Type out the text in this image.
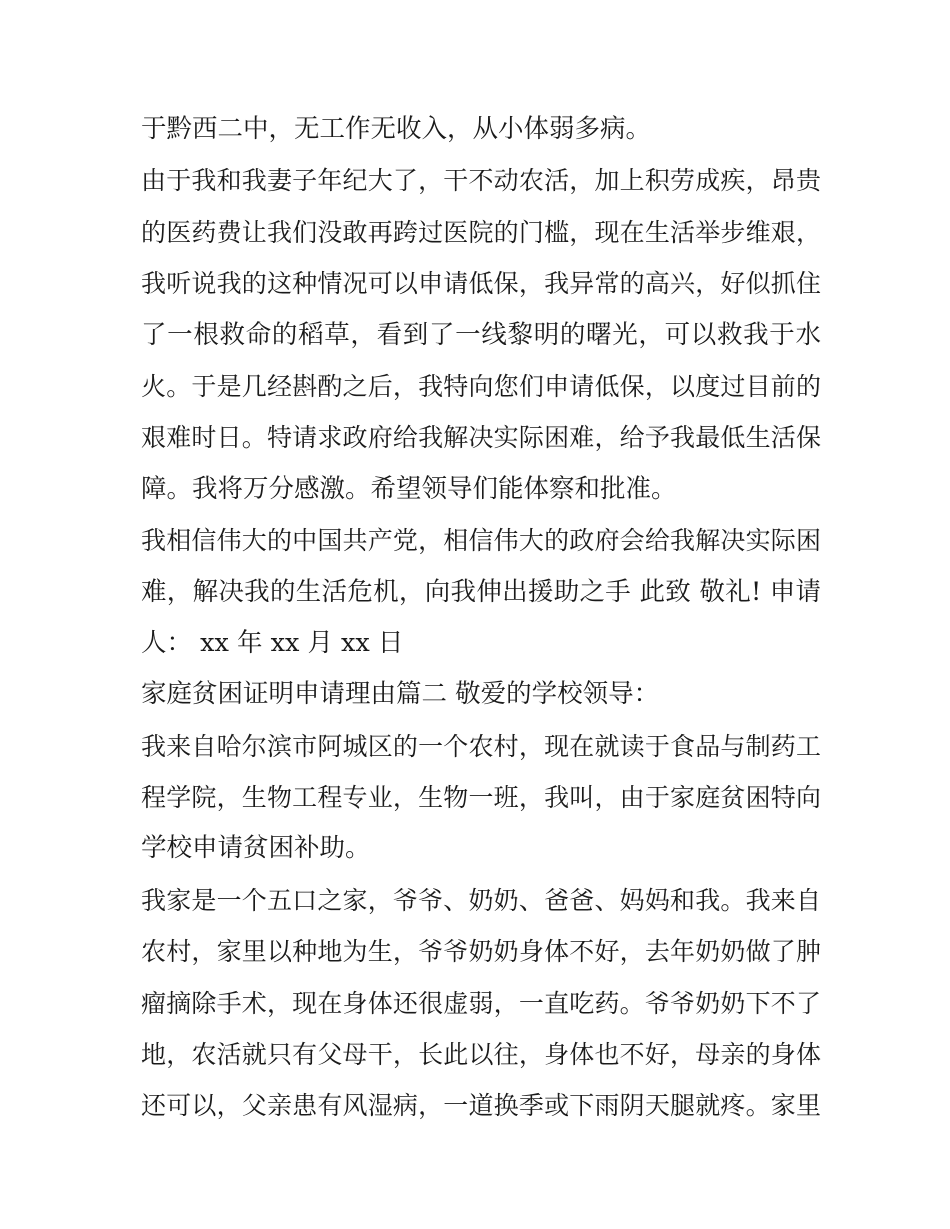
于黔西二中，无工作无收入，从小体弱多病。
由于我和我妻子年纪大了，干不动农活，加上积劳成疾，昂贵
的医药费让我们没敢再跨过医院的门槛，现在生活举步维艰，
我听说我的这种情况可以申请低保，我异常的高兴，好似抓住
了一根救命的稻草，看到了一线黎明的曙光，可以救我于水
火。于是几经斟酌之后，我特向您们申请低保，以度过目前的
艰难时日。特请求政府给我解决实际困难，给予我最低生活保
障。我将万分感激。希望领导们能体察和批准。
我相信伟大的中国共产党，相信伟大的政府会给我解决实际困
难，解决我的生活危机，向我伸出援助之手 此致 敬礼! 申请
人： xx 年 xx 月 xx 日
家庭贫困证明申请理由篇二 敬爱的学校领导：
我来自哈尔滨市阿城区的一个农村，现在就读于食品与制药工
程学院，生物工程专业，生物一班，我叫，由于家庭贫困特向
学校申请贫困补助。
我家是一个五口之家，爷爷、奶奶、爸爸、妈妈和我。我来自
农村，家里以种地为生，爷爷奶奶身体不好，去年奶奶做了肿
瘤摘除手术，现在身体还很虚弱，一直吃药。爷爷奶奶下不了
地，农活就只有父母干，长此以往，身体也不好，母亲的身体
还可以，父亲患有风湿病，一道换季或下雨阴天腿就疼。家里
